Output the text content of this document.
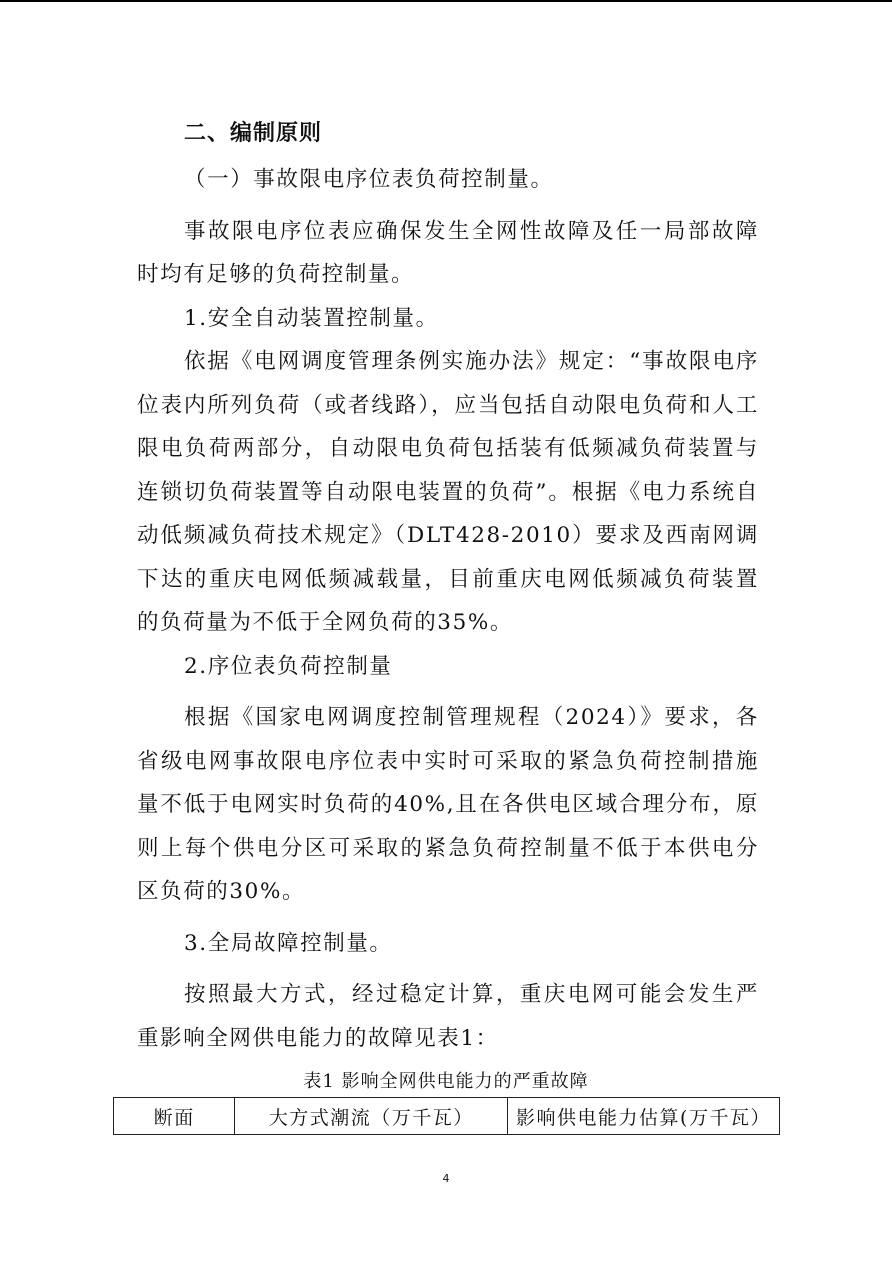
二、编制原则

（一）事故限电序位表负荷控制量。

事故限电序位表应确保发生全网性故障及任一局部故障时均有足够的负荷控制量。

1.安全自动装置控制量。

依据《电网调度管理条例实施办法》规定：“事故限电序位表内所列负荷（或者线路），应当包括自动限电负荷和人工限电负荷两部分，自动限电负荷包括装有低频减负荷装置与连锁切负荷装置等自动限电装置的负荷”。根据《电力系统自动低频减负荷技术规定》（DLT428-2010）要求及西南网调下达的重庆电网低频减载量，目前重庆电网低频减负荷装置的负荷量为不低于全网负荷的35%。

2.序位表负荷控制量

根据《国家电网调度控制管理规程（2024）》要求，各省级电网事故限电序位表中实时可采取的紧急负荷控制措施量不低于电网实时负荷的40%,且在各供电区域合理分布，原则上每个供电分区可采取的紧急负荷控制量不低于本供电分区负荷的30%。

3.全局故障控制量。

按照最大方式，经过稳定计算，重庆电网可能会发生严重影响全网供电能力的故障见表1：

表1 影响全网供电能力的严重故障
断面	大方式潮流（万千瓦）	影响供电能力估算(万千瓦）
4
